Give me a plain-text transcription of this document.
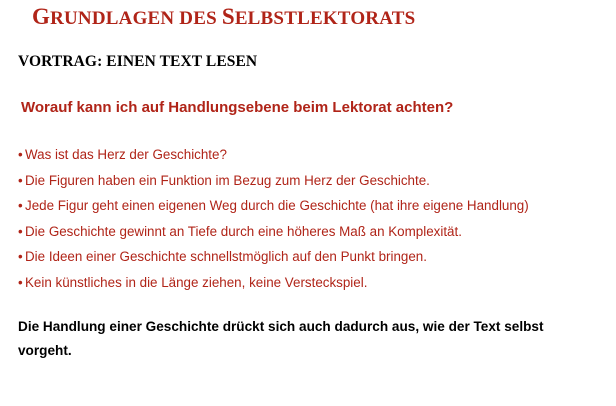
GRUNDLAGEN DES SELBSTLEKTORATS
VORTRAG: EINEN TEXT LESEN

Worauf kann ich auf Handlungsebene beim Lektorat achten?

• Was ist das Herz der Geschichte?
• Die Figuren haben ein Funktion im Bezug zum Herz der Geschichte.
• Jede Figur geht einen eigenen Weg durch die Geschichte (hat ihre eigene Handlung)
• Die Geschichte gewinnt an Tiefe durch eine höheres Maß an Komplexität.
• Die Ideen einer Geschichte schnellstmöglich auf den Punkt bringen.
• Kein künstliches in die Länge ziehen, keine Versteckspiel.

Die Handlung einer Geschichte drückt sich auch dadurch aus, wie der Text selbst vorgeht.
